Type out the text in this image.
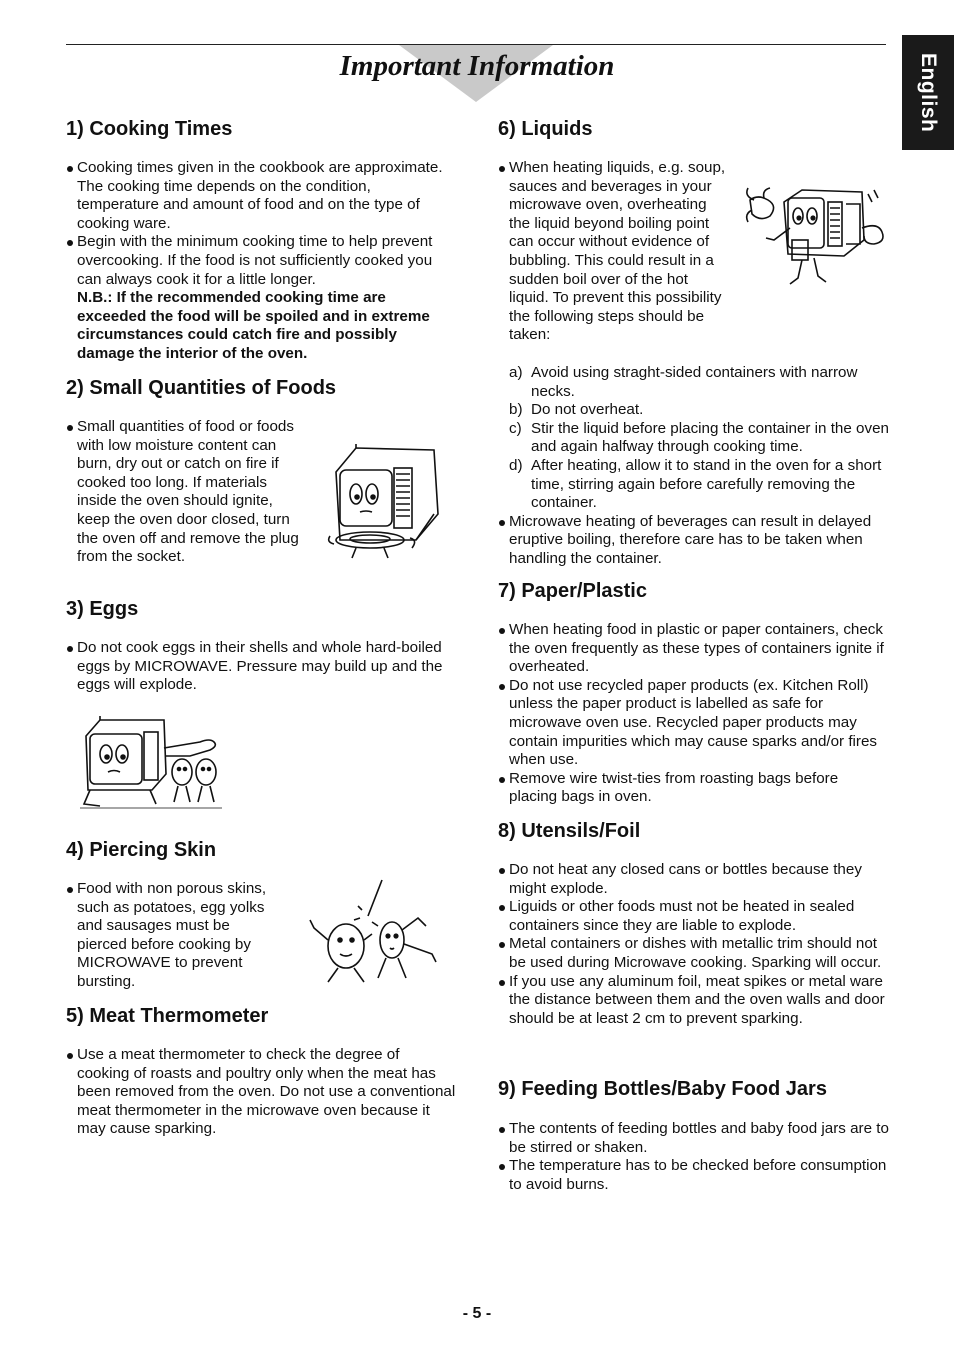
Important Information	English
1) Cooking Times
Cooking times given in the cookbook are approximate. The cooking time depends on the condition, temperature and amount of food and on the type of cooking ware.
Begin with the minimum cooking time to help prevent overcooking. If the food is not sufficiently cooked you can always cook it for a little longer.
N.B.: If the recommended cooking time are exceeded the food will be spoiled and in extreme circumstances could catch fire and possibly damage the interior of the oven.
2) Small Quantities of Foods
Small quantities of food or foods with low moisture content can burn, dry out or catch on fire if cooked too long. If materials inside the oven should ignite, keep the oven door closed, turn the oven off and remove the plug from the socket.
3) Eggs
Do not cook eggs in their shells and whole hard-boiled eggs by MICROWAVE. Pressure may build up and the eggs will explode.
4) Piercing Skin
Food with non porous skins, such as potatoes, egg yolks and sausages must be pierced before cooking by MICROWAVE to prevent bursting.
5) Meat Thermometer
Use a meat thermometer to check the degree of cooking of roasts and poultry only when the meat has been removed from the oven. Do not use a conventional meat thermometer in the microwave oven because it may cause sparking.
6) Liquids
When heating liquids, e.g. soup, sauces and beverages in your microwave oven, overheating the liquid beyond boiling point can occur without evidence of bubbling. This could result in a sudden boil over of the hot liquid. To prevent this possibility the following steps should be taken:
a) Avoid using straght-sided containers with narrow necks.
b) Do not overheat.
c) Stir the liquid before placing the container in the oven and again halfway through cooking time.
d) After heating, allow it to stand in the oven for a short time, stirring again before carefully removing the container.
Microwave heating of beverages can result in delayed eruptive boiling, therefore care has to be taken when handling the container.
7) Paper/Plastic
When heating food in plastic or paper containers, check the oven frequently as these types of containers ignite if overheated.
Do not use recycled paper products (ex. Kitchen Roll) unless the paper product is labelled as safe for microwave oven use. Recycled paper products may contain impurities which may cause sparks and/or fires when use.
Remove wire twist-ties from roasting bags before placing bags in oven.
8) Utensils/Foil
Do not heat any closed cans or bottles because they might explode.
Liguids or other foods must not be heated in sealed containers since they are liable to explode.
Metal containers or dishes with metallic trim should not be used during Microwave cooking. Sparking will occur.
If you use any aluminum foil, meat spikes or metal ware the distance between them and the oven walls and door should be at least 2 cm to prevent sparking.
9) Feeding Bottles/Baby Food Jars
The contents of feeding bottles and baby food jars are to be stirred or shaken.
The temperature has to be checked before consumption to avoid burns.
- 5 -
